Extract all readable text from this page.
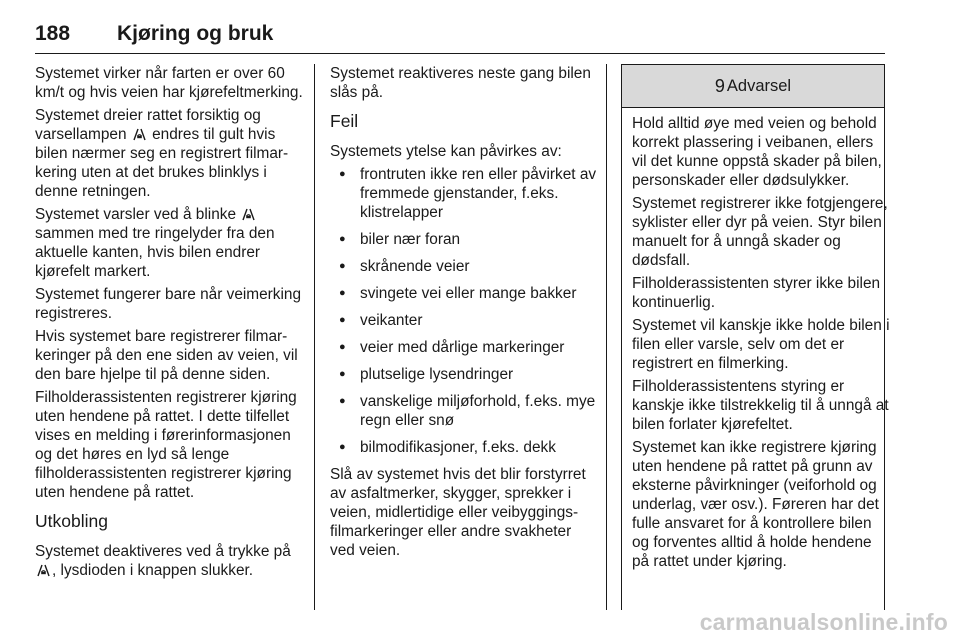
188 Kjøring og bruk

Systemet virker når farten er over 60 km/t og hvis veien har kjørefeltmerking.

Systemet dreier rattet forsiktig og varsellampen  endres til gult hvis bilen nærmer seg en registrert filmarkering uten at det brukes blinklys i denne retningen.

Systemet varsler ved å blinke  sammen med tre ringelyder fra den aktuelle kanten, hvis bilen endrer kjørefelt markert.

Systemet fungerer bare når veimerking registreres.

Hvis systemet bare registrerer filmarkeringer på den ene siden av veien, vil den bare hjelpe til på denne siden.

Filholderassistenten registrerer kjøring uten hendene på rattet. I dette tilfellet vises en melding i førerinformasjonen og det høres en lyd så lenge filholderassistenten registrerer kjøring uten hendene på rattet.

Utkobling

Systemet deaktiveres ved å trykke på , lysdioden i knappen slukker.

Systemet reaktiveres neste gang bilen slås på.

Feil

Systemets ytelse kan påvirkes av:

● frontruten ikke ren eller påvirket av fremmede gjenstander, f.eks. klistrelapper
● biler nær foran
● skrånende veier
● svingete vei eller mange bakker
● veikanter
● veier med dårlige markeringer
● plutselige lysendringer
● vanskelige miljøforhold, f.eks. mye regn eller snø
● bilmodifikasjoner, f.eks. dekk

Slå av systemet hvis det blir forstyrret av asfaltmerker, skygger, sprekker i veien, midlertidige eller veibyggingsfilmarkeringer eller andre svakheter ved veien.

9 Advarsel

Hold alltid øye med veien og behold korrekt plassering i veibanen, ellers vil det kunne oppstå skader på bilen, personskader eller dødsulykker.

Systemet registrerer ikke fotgjengere, syklister eller dyr på veien. Styr bilen manuelt for å unngå skader og dødsfall.

Filholderassistenten styrer ikke bilen kontinuerlig.

Systemet vil kanskje ikke holde bilen i filen eller varsle, selv om det er registrert en filmerking.

Filholderassistentens styring er kanskje ikke tilstrekkelig til å unngå at bilen forlater kjørefeltet.

Systemet kan ikke registrere kjøring uten hendene på rattet på grunn av eksterne påvirkninger (veiforhold og underlag, vær osv.). Føreren har det fulle ansvaret for å kontrollere bilen og forventes alltid å holde hendene på rattet under kjøring.

carmanualsonline.info
